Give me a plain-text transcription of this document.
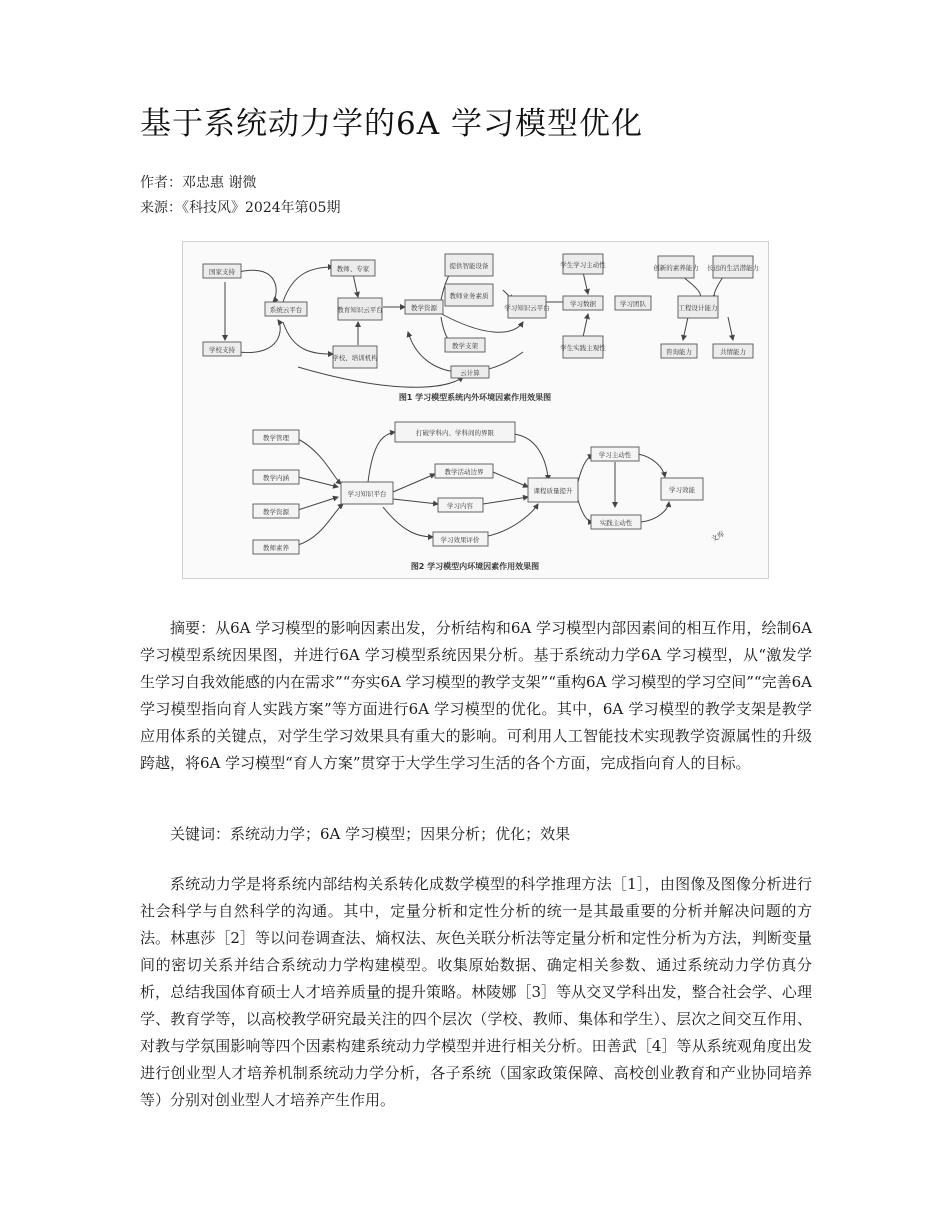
基于系统动力学的6A 学习模型优化
作者：邓忠惠 谢微
来源：《科技风》2024年第05期
国家支持
学校支持
系统云平台
教师、专家
教育知识云平台
学校、培训机构
教学资源
提供智能设备
教师业务素质
教学支架
云计算
学习知识云平台
学生学习主动性
学习数据
学生实践主观性
学习团队
创新的素养能力 长远的生活潜能力
工程设计能力
咨询能力	共情能力
图1 学习模型系统内外环境因素作用效果图
教学管理
教学内涵
教学资源
教师素养
学习知识平台
打破学科内、学科间的界限
教学活动边界
学习内容
学习效果评价
课程质量提升
学习主动性
实践主动性
学习效能
图2 学习模型内环境因素作用效果图
文库

摘要：从6A 学习模型的影响因素出发，分析结构和6A 学习模型内部因素间的相互作用，绘制6A 学习模型系统因果图，并进行6A 学习模型系统因果分析。基于系统动力学6A 学习模型，从“激发学生学习自我效能感的内在需求”“夯实6A 学习模型的教学支架”“重构6A 学习模型的学习空间”“完善6A 学习模型指向育人实践方案”等方面进行6A 学习模型的优化。其中，6A 学习模型的教学支架是教学应用体系的关键点，对学生学习效果具有重大的影响。可利用人工智能技术实现教学资源属性的升级跨越，将6A 学习模型“育人方案”贯穿于大学生学习生活的各个方面，完成指向育人的目标。

关键词：系统动力学；6A 学习模型；因果分析；优化；效果

系统动力学是将系统内部结构关系转化成数学模型的科学推理方法［1］，由图像及图像分析进行社会科学与自然科学的沟通。其中，定量分析和定性分析的统一是其最重要的分析并解决问题的方法。林惠莎［2］等以问卷调查法、熵权法、灰色关联分析法等定量分析和定性分析为方法，判断变量间的密切关系并结合系统动力学构建模型。收集原始数据、确定相关参数、通过系统动力学仿真分析，总结我国体育硕士人才培养质量的提升策略。林陵娜［3］等从交叉学科出发，整合社会学、心理学、教育学等，以高校教学研究最关注的四个层次（学校、教师、集体和学生）、层次之间交互作用、对教与学氛围影响等四个因素构建系统动力学模型并进行相关分析。田善武［4］等从系统观角度出发进行创业型人才培养机制系统动力学分析，各子系统（国家政策保障、高校创业教育和产业协同培养等）分别对创业型人才培养产生作用。
